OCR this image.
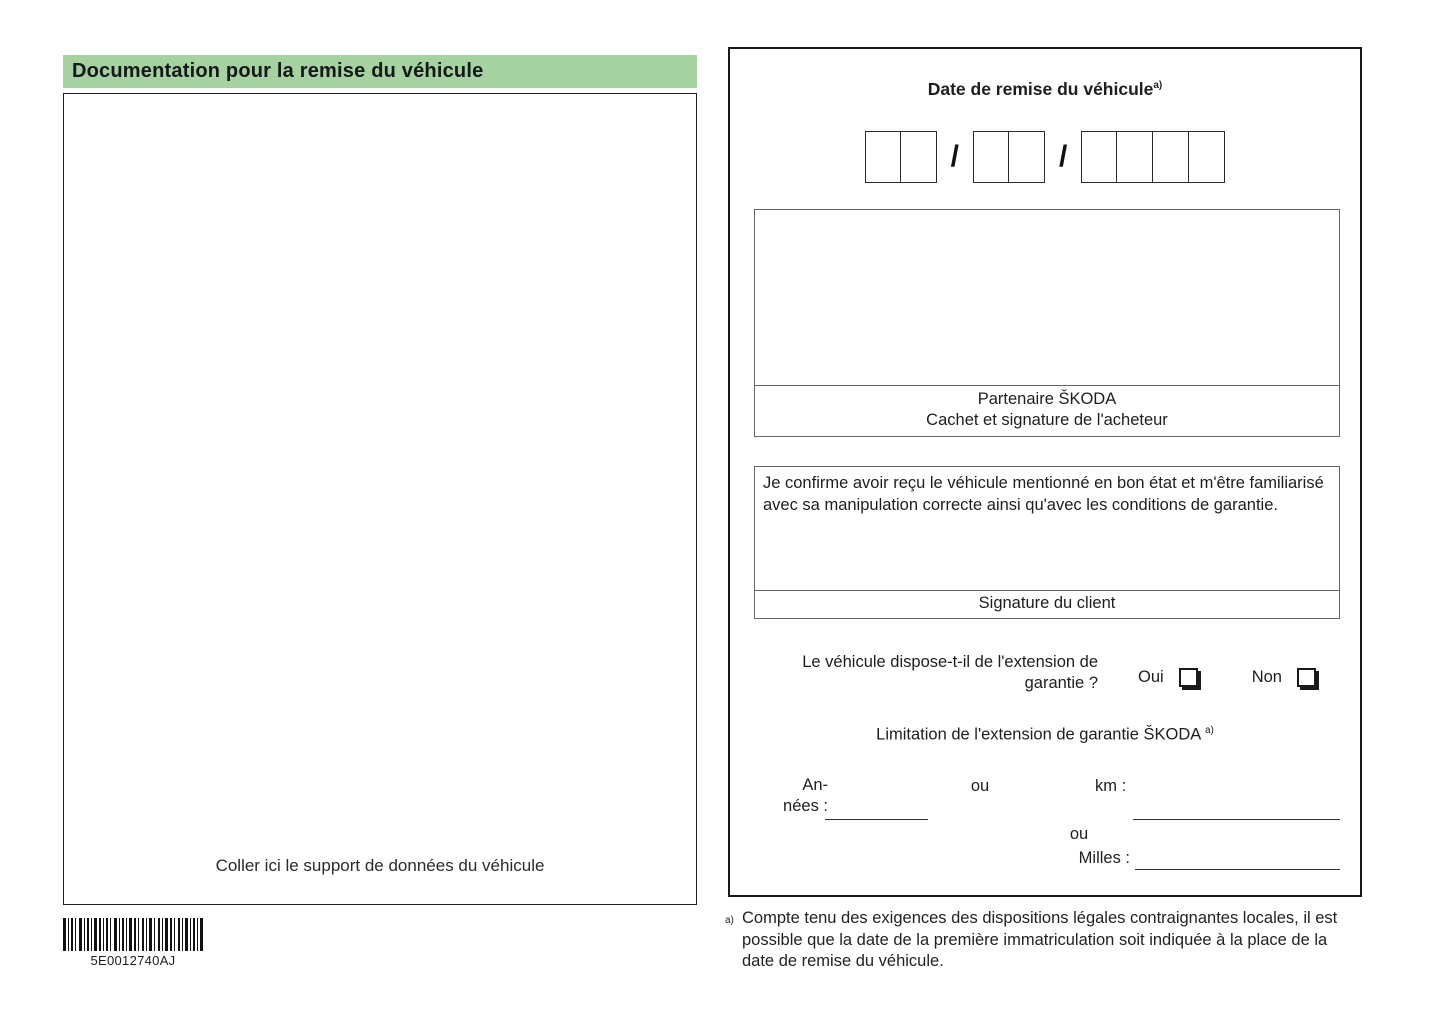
Documentation pour la remise du véhicule
Coller ici le support de données du véhicule
5E0012740AJ
Date de remise du véhicule$^{a)}$
/	/
Partenaire ŠKODA
Cachet et signature de l'acheteur
Je confirme avoir reçu le véhicule mentionné en bon état et m'être familiarisé avec sa manipulation correcte ainsi qu'avec les conditions de garantie.
Signature du client
Le véhicule dispose-t-il de l'extension de garantie ? Oui	Non
Limitation de l'extension de garantie ŠKODA $^{a)}$
An-
nées :
ou	km :
ou
Milles :
a) Compte tenu des exigences des dispositions légales contraignantes locales, il est possible que la date de la première immatriculation soit indiquée à la place de la date de remise du véhicule.
